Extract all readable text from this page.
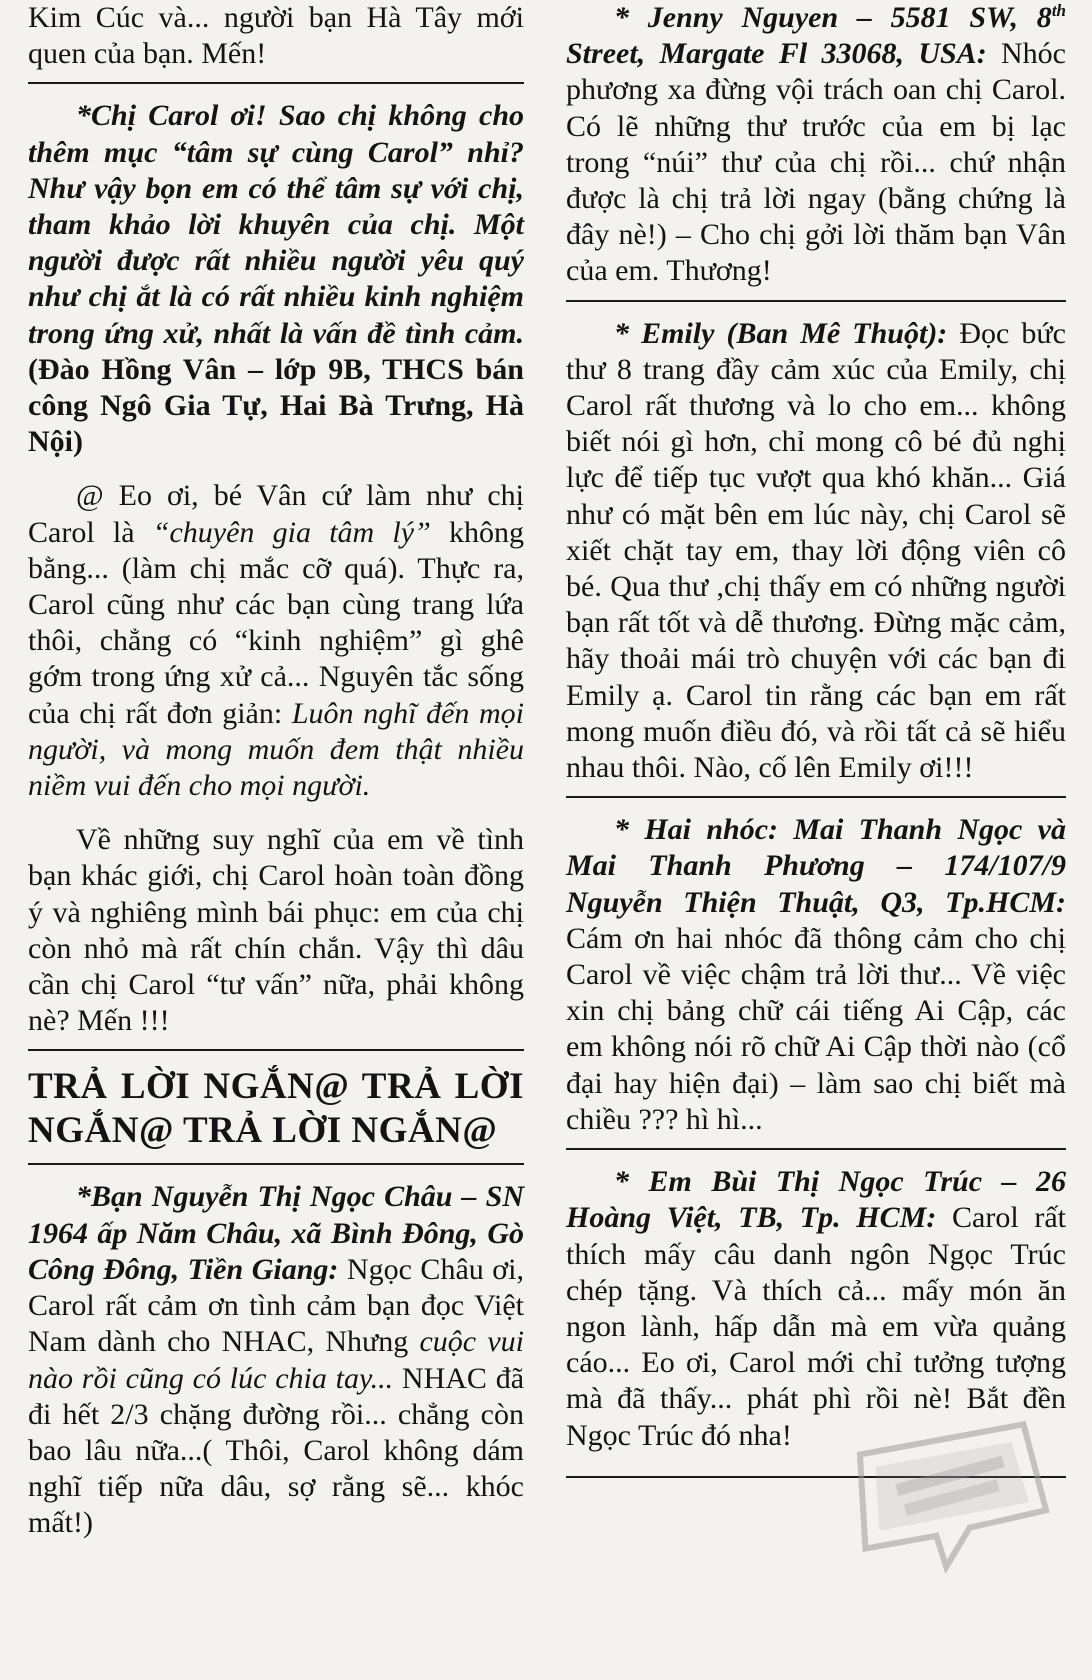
Kim Cúc và... người bạn Hà Tây mới quen của bạn. Mến!

*Chị Carol ơi! Sao chị không cho thêm mục “tâm sự cùng Carol” nhỉ? Như vậy bọn em có thể tâm sự với chị, tham khảo lời khuyên của chị. Một người được rất nhiều người yêu quý như chị ắt là có rất nhiều kinh nghiệm trong ứng xử, nhất là vấn đề tình cảm. (Đào Hồng Vân – lớp 9B, THCS bán công Ngô Gia Tự, Hai Bà Trưng, Hà Nội)

@ Eo ơi, bé Vân cứ làm như chị Carol là “chuyên gia tâm lý” không bằng... (làm chị mắc cỡ quá). Thực ra, Carol cũng như các bạn cùng trang lứa thôi, chẳng có “kinh nghiệm” gì ghê gớm trong ứng xử cả... Nguyên tắc sống của chị rất đơn giản: Luôn nghĩ đến mọi người, và mong muốn đem thật nhiều niềm vui đến cho mọi người.

Về những suy nghĩ của em về tình bạn khác giới, chị Carol hoàn toàn đồng ý và nghiêng mình bái phục: em của chị còn nhỏ mà rất chín chắn. Vậy thì dâu cần chị Carol “tư vấn” nữa, phải không nè? Mến !!!

TRẢ LỜI NGẮN@ TRẢ LỜI NGẮN@ TRẢ LỜI NGẮN@

*Bạn Nguyễn Thị Ngọc Châu – SN 1964 ấp Năm Châu, xã Bình Đông, Gò Công Đông, Tiền Giang: Ngọc Châu ơi, Carol rất cảm ơn tình cảm bạn đọc Việt Nam dành cho NHAC, Nhưng cuộc vui nào rồi cũng có lúc chia tay... NHAC đã đi hết 2/3 chặng đường rồi... chẳng còn bao lâu nữa...( Thôi, Carol không dám nghĩ tiếp nữa dâu, sợ rằng sẽ... khóc mất!)

* Jenny Nguyen – 5581 SW, 8th Street, Margate Fl 33068, USA: Nhóc phương xa đừng vội trách oan chị Carol. Có lẽ những thư trước của em bị lạc trong “núi” thư của chị rồi... chứ nhận được là chị trả lời ngay (bằng chứng là đây nè!) – Cho chị gởi lời thăm bạn Vân của em. Thương!

* Emily (Ban Mê Thuột): Đọc bức thư 8 trang đầy cảm xúc của Emily, chị Carol rất thương và lo cho em... không biết nói gì hơn, chỉ mong cô bé đủ nghị lực để tiếp tục vượt qua khó khăn... Giá như có mặt bên em lúc này, chị Carol sẽ xiết chặt tay em, thay lời động viên cô bé. Qua thư ,chị thấy em có những người bạn rất tốt và dễ thương. Đừng mặc cảm, hãy thoải mái trò chuyện với các bạn đi Emily ạ. Carol tin rằng các bạn em rất mong muốn điều đó, và rồi tất cả sẽ hiểu nhau thôi. Nào, cố lên Emily ơi!!!

* Hai nhóc: Mai Thanh Ngọc và Mai Thanh Phương – 174/107/9 Nguyễn Thiện Thuật, Q3, Tp.HCM: Cám ơn hai nhóc đã thông cảm cho chị Carol về việc chậm trả lời thư... Về việc xin chị bảng chữ cái tiếng Ai Cập, các em không nói rõ chữ Ai Cập thời nào (cổ đại hay hiện đại) – làm sao chị biết mà chiều ??? hì hì...

* Em Bùi Thị Ngọc Trúc – 26 Hoàng Việt, TB, Tp. HCM: Carol rất thích mấy câu danh ngôn Ngọc Trúc chép tặng. Và thích cả... mấy món ăn ngon lành, hấp dẫn mà em vừa quảng cáo... Eo ơi, Carol mới chỉ tưởng tượng mà đã thấy... phát phì rồi nè! Bắt đền Ngọc Trúc đó nha!
